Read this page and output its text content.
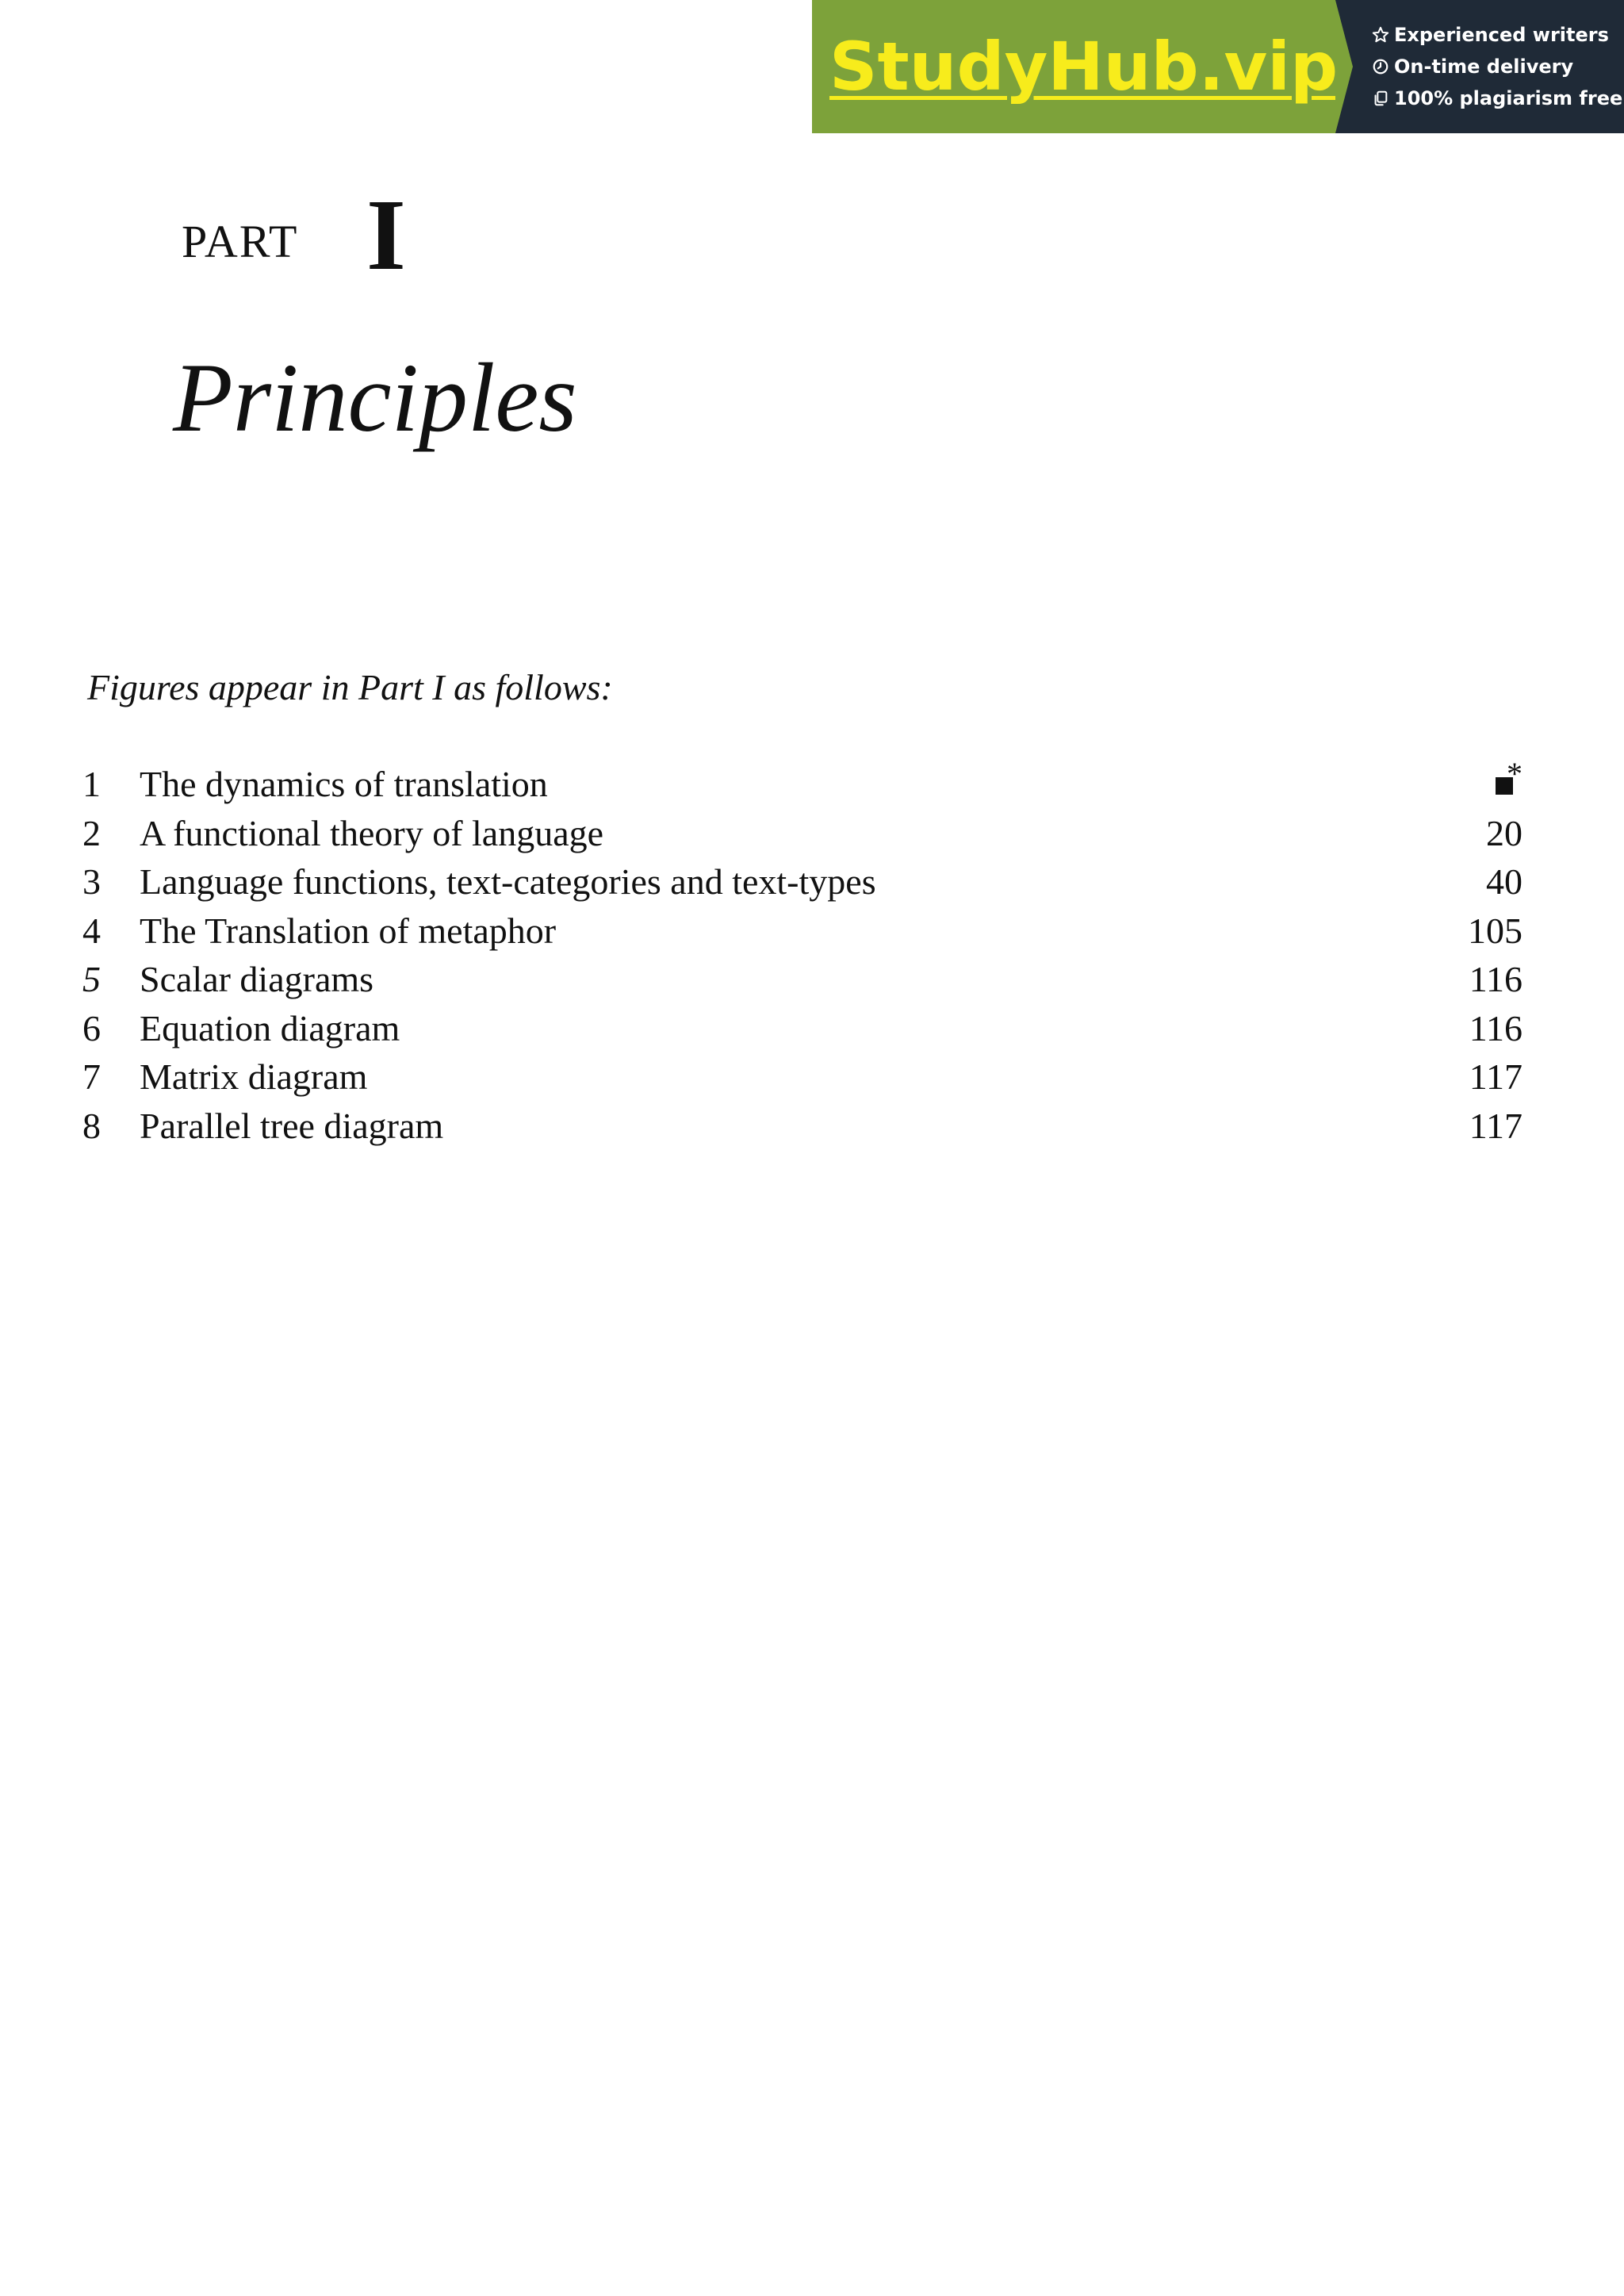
StudyHub.vip	Experienced writers
On-time delivery
100% plagiarism free
PART I
Principles
Figures appear in Part I as follows:
1 The dynamics of translation	*
2 A functional theory of language	20
3 Language functions, text-categories and text-types	40
4 The Translation of metaphor	105
5 Scalar diagrams	116
6 Equation diagram	116
7 Matrix diagram	117
8 Parallel tree diagram	117
